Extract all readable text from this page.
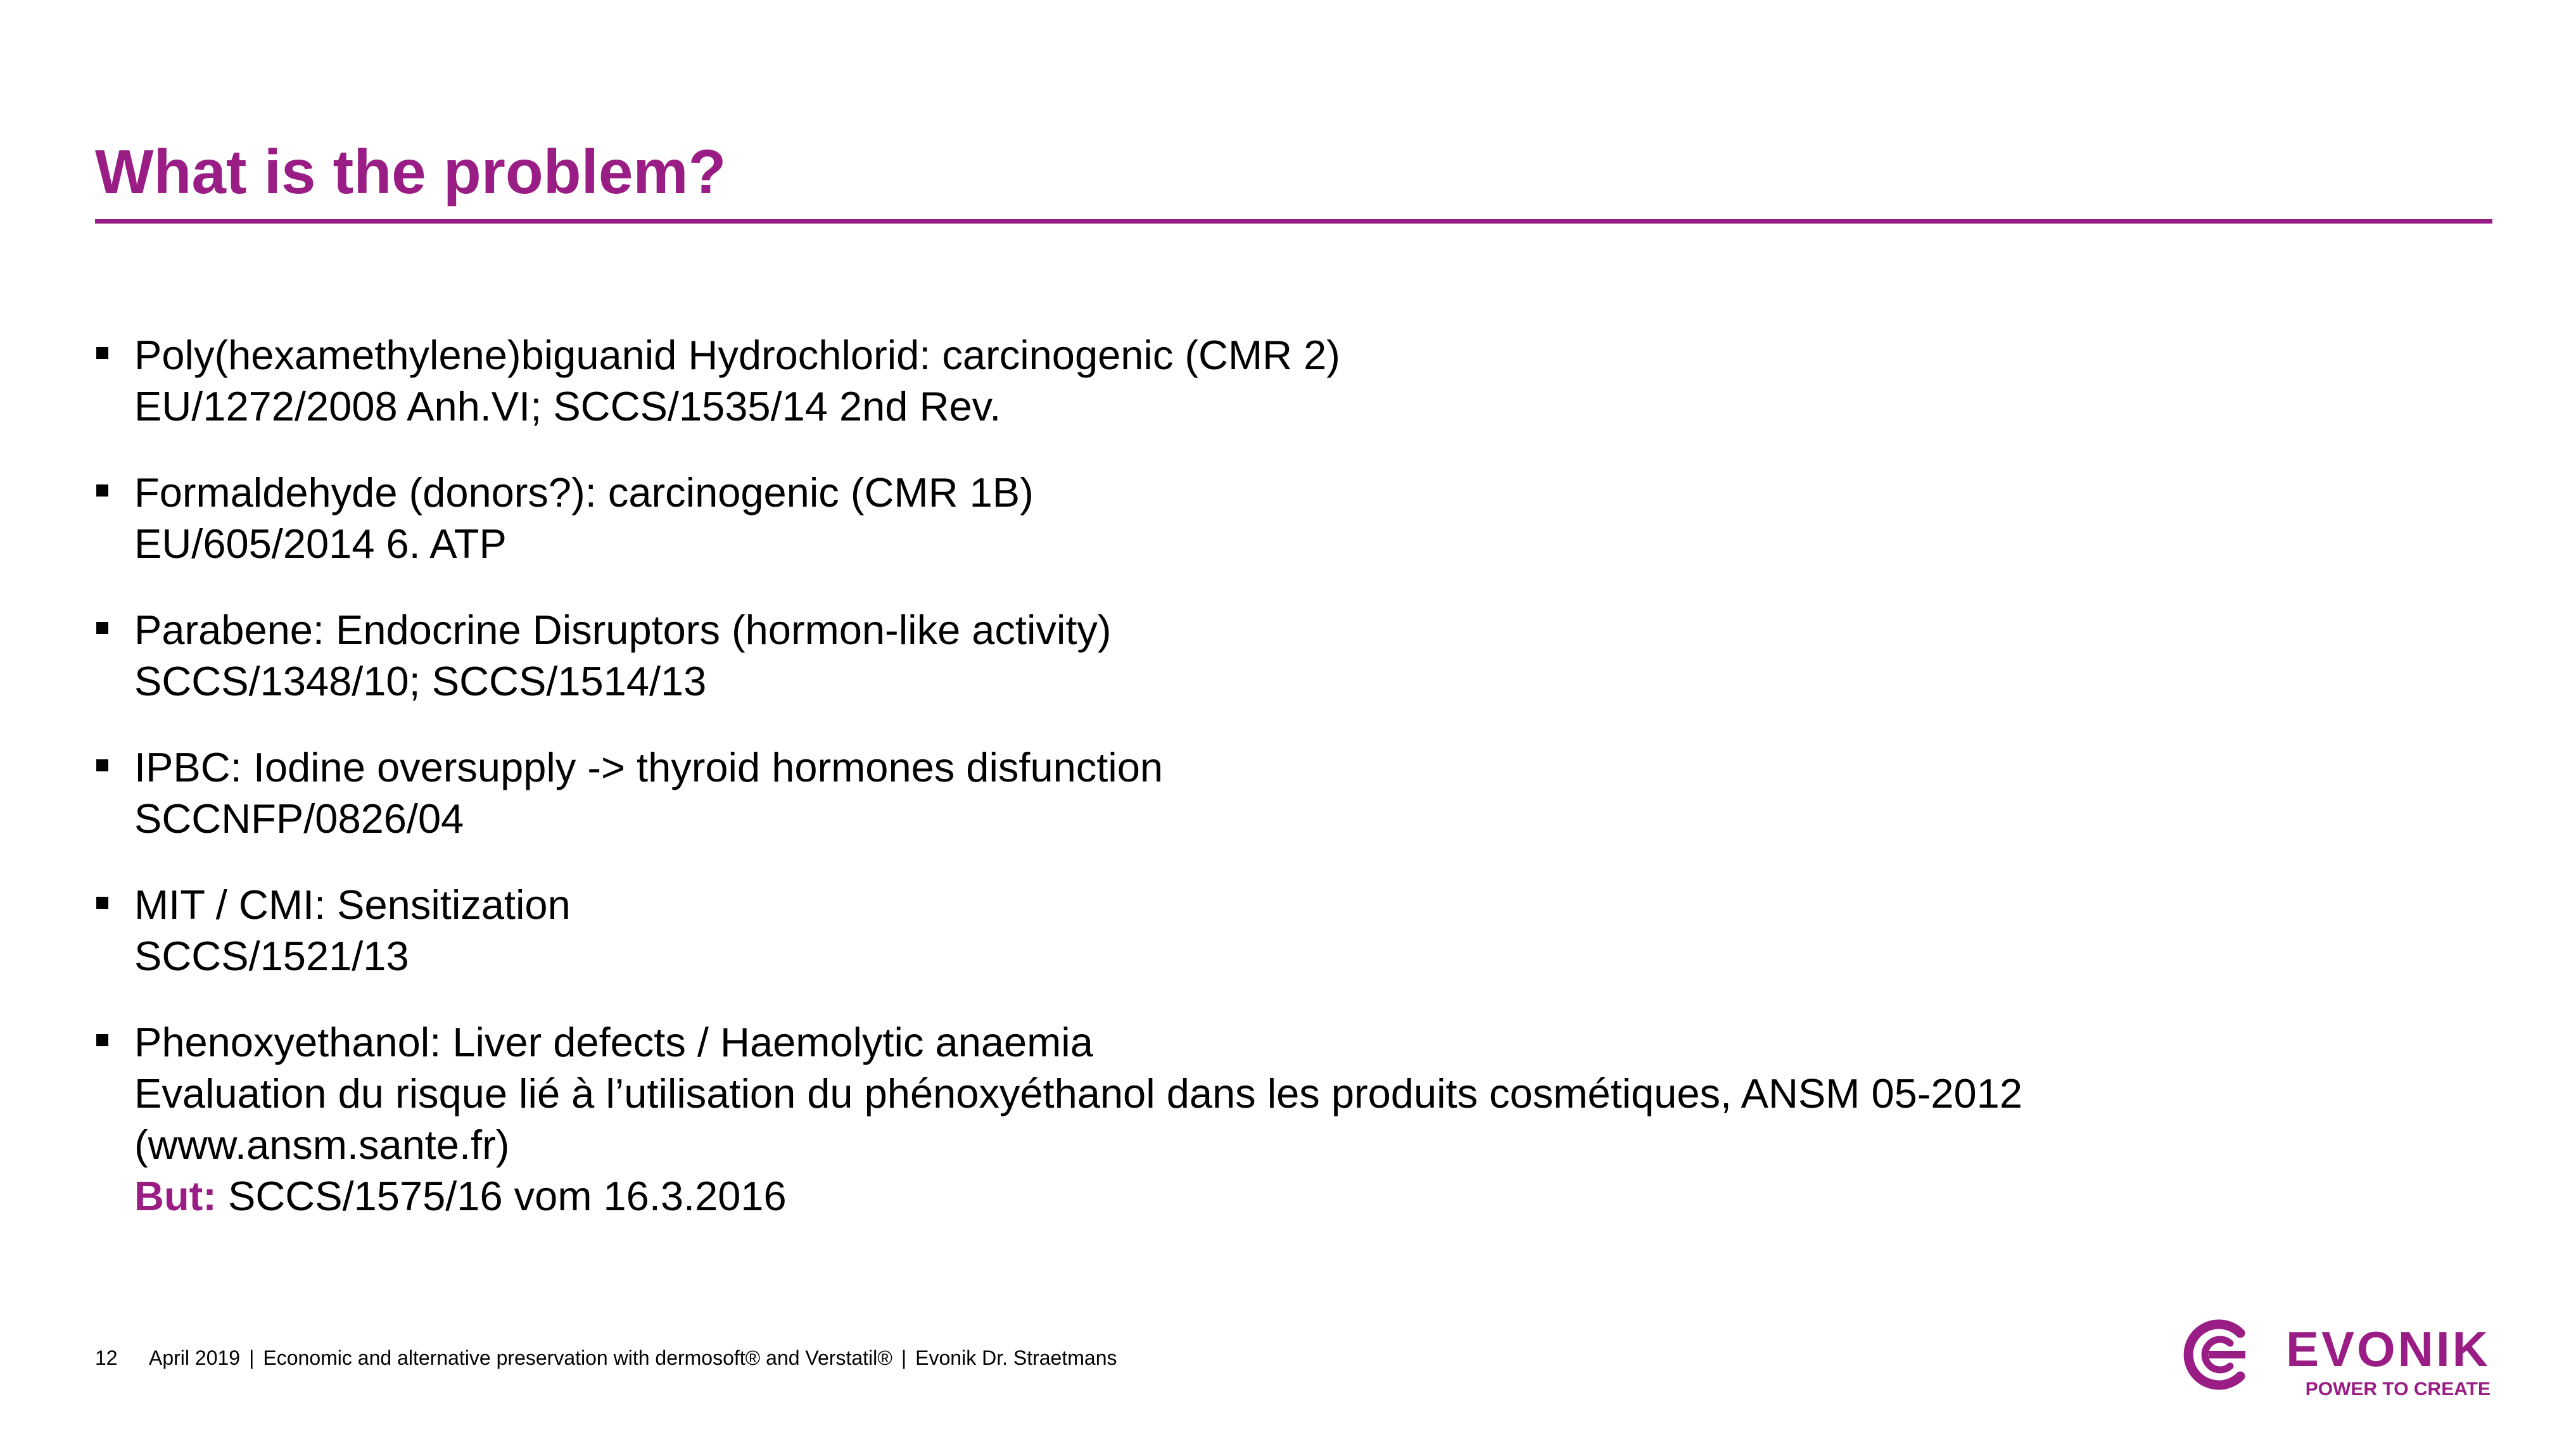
What is the problem?
Poly(hexamethylene)biguanid Hydrochlorid: carcinogenic (CMR 2)
EU/1272/2008 Anh.VI; SCCS/1535/14 2nd Rev.
Formaldehyde (donors?): carcinogenic (CMR 1B)
EU/605/2014 6. ATP
Parabene: Endocrine Disruptors (hormon-like activity)
SCCS/1348/10; SCCS/1514/13
IPBC: Iodine oversupply -> thyroid hormones disfunction
SCCNFP/0826/04
MIT / CMI: Sensitization
SCCS/1521/13
Phenoxyethanol: Liver defects / Haemolytic anaemia
Evaluation du risque lié à l’utilisation du phénoxyéthanol dans les produits cosmétiques, ANSM 05-2012
(www.ansm.sante.fr)
But: SCCS/1575/16 vom 16.3.2016
12 April 2019 | Economic and alternative preservation with dermosoft® and Verstatil® | Evonik Dr. Straetmans	EVONIK
POWER TO CREATE
